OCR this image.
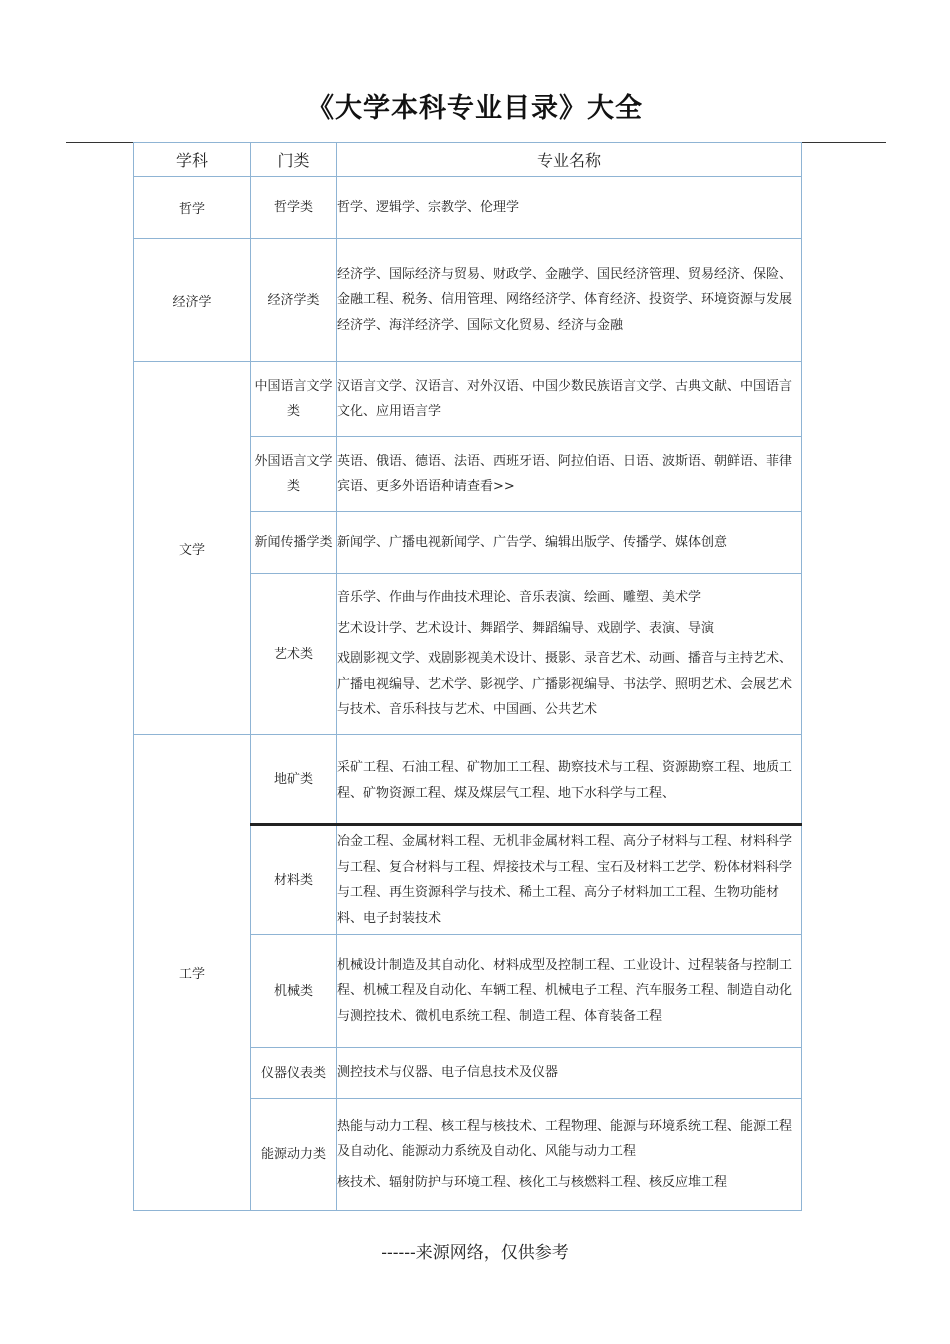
《大学本科专业目录》大全
学科	门类	专业名称
哲学	哲学类	哲学、逻辑学、宗教学、伦理学

经济学	经济学类	经济学、国际经济与贸易、财政学、金融学、国民经济管理、贸易经济、保险、金融工程、税务、信用管理、网络经济学、体育经济、投资学、环境资源与发展经济学、海洋经济学、国际文化贸易、经济与金融

文学	中国语言文学类	汉语言文学、汉语言、对外汉语、中国少数民族语言文学、古典文献、中国语言文化、应用语言学

	外国语言文学类	英语、俄语、德语、法语、西班牙语、阿拉伯语、日语、波斯语、朝鲜语、菲律宾语、更多外语语种请查看>>

	新闻传播学类	新闻学、广播电视新闻学、广告学、编辑出版学、传播学、媒体创意

	艺术类	音乐学、作曲与作曲技术理论、音乐表演、绘画、雕塑、美术学

艺术设计学、艺术设计、舞蹈学、舞蹈编导、戏剧学、表演、导演

戏剧影视文学、戏剧影视美术设计、摄影、录音艺术、动画、播音与主持艺术、广播电视编导、艺术学、影视学、广播影视编导、书法学、照明艺术、会展艺术与技术、音乐科技与艺术、中国画、公共艺术

工学	地矿类	采矿工程、石油工程、矿物加工工程、勘察技术与工程、资源勘察工程、地质工程、矿物资源工程、煤及煤层气工程、地下水科学与工程、

	材料类	冶金工程、金属材料工程、无机非金属材料工程、高分子材料与工程、材料科学与工程、复合材料与工程、焊接技术与工程、宝石及材料工艺学、粉体材料科学与工程、再生资源科学与技术、稀土工程、高分子材料加工工程、生物功能材料、电子封装技术

	机械类	机械设计制造及其自动化、材料成型及控制工程、工业设计、过程装备与控制工程、机械工程及自动化、车辆工程、机械电子工程、汽车服务工程、制造自动化与测控技术、微机电系统工程、制造工程、体育装备工程

	仪器仪表类	测控技术与仪器、电子信息技术及仪器

	能源动力类	热能与动力工程、核工程与核技术、工程物理、能源与环境系统工程、能源工程及自动化、能源动力系统及自动化、风能与动力工程

核技术、辐射防护与环境工程、核化工与核燃料工程、核反应堆工程

------来源网络，仅供参考
